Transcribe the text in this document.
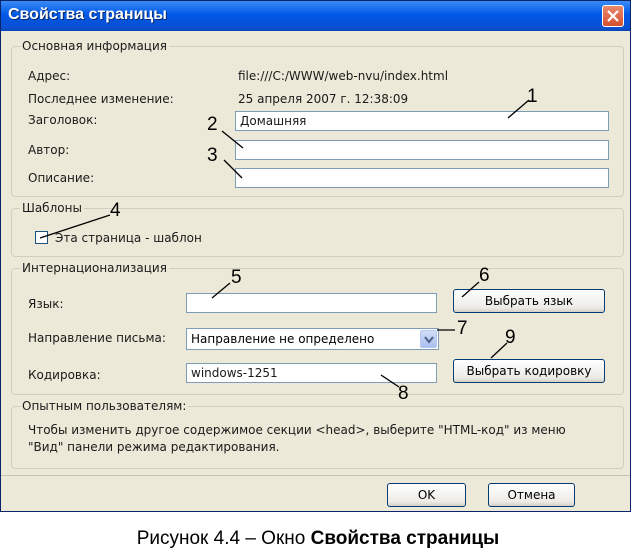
Свойства страницы
Основная информация
Адрес:	file:///C:/WWW/web-nvu/index.html
Последнее изменение:	25 апреля 2007 г. 12:38:09
Заголовок:	Домашняя
Автор:
Описание:
Шаблоны
Эта страница - шаблон
Интернационализация
Язык:	Выбрать язык
Направление письма:	Направление не определено
Кодировка:	windows-1251	Выбрать кодировку
Опытным пользователям:
Чтобы изменить другое содержимое секции <head>, выберите "HTML-код" из меню
"Вид" панели режима редактирования.
OK	Отмена
1
2
3
4
5	6
7
8
9
Рисунок 4.4 – Окно Свойства страницы
